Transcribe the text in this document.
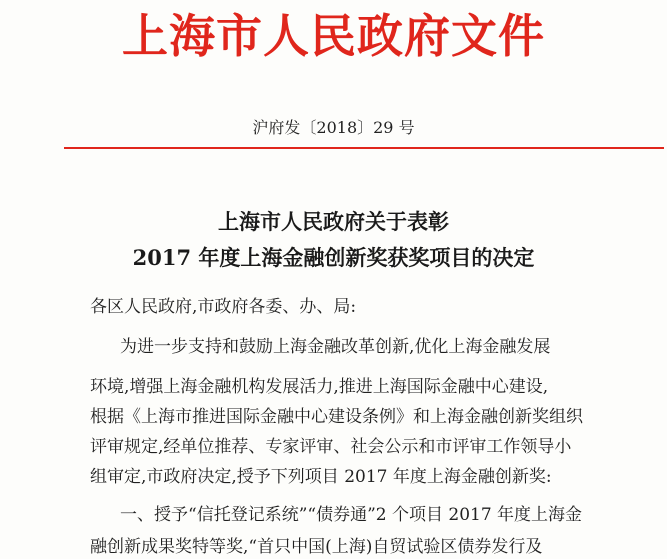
上海市人民政府文件
沪府发〔2018〕29 号
上海市人民政府关于表彰
2017 年度上海金融创新奖获奖项目的决定
各区人民政府,市政府各委、办、局:
为进一步支持和鼓励上海金融改革创新,优化上海金融发展
环境,增强上海金融机构发展活力,推进上海国际金融中心建设,
根据《上海市推进国际金融中心建设条例》和上海金融创新奖组织
评审规定,经单位推荐、专家评审、社会公示和市评审工作领导小
组审定,市政府决定,授予下列项目 2017 年度上海金融创新奖:
一、授予“信托登记系统”“债券通”2 个项目 2017 年度上海金
融创新成果奖特等奖,“首只中国(上海)自贸试验区债券发行及
